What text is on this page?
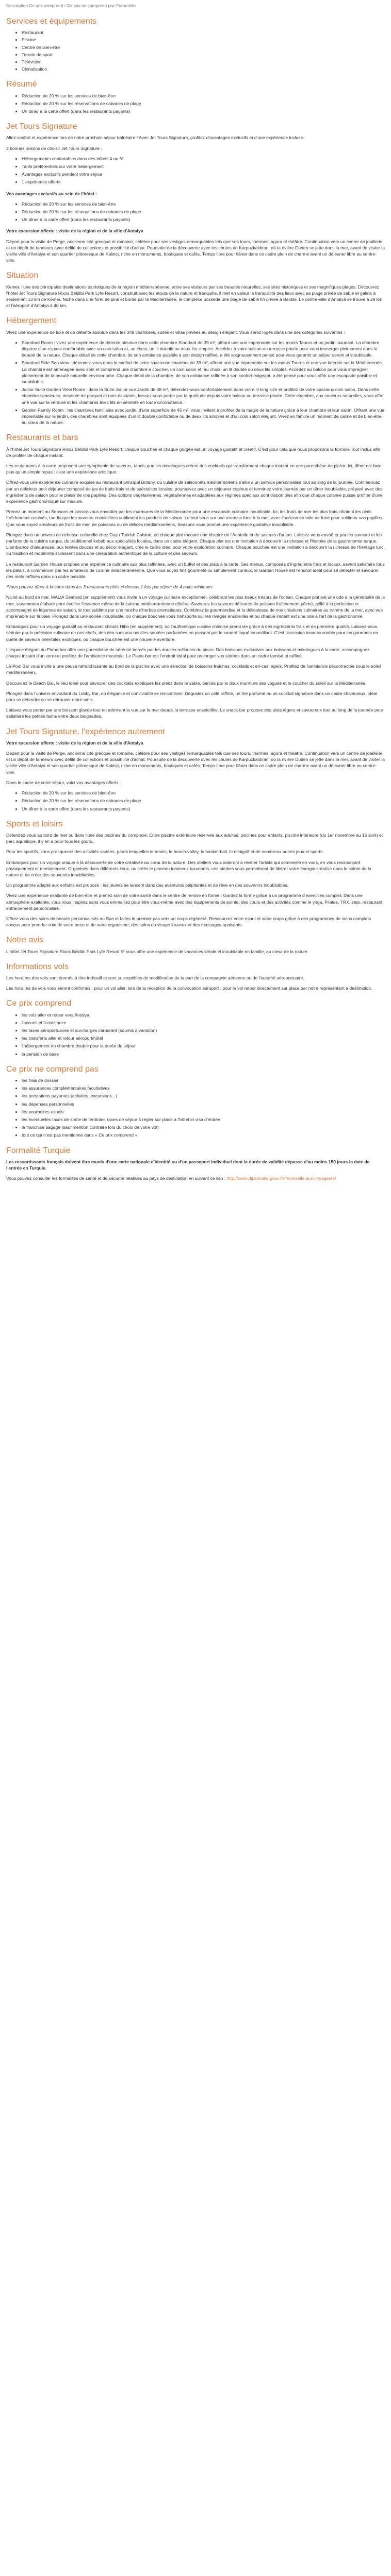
Description Ce prix comprend / Ce prix ne comprend pas Formalités
Services et équipements
• Restaurant
• Piscine
• Centre de bien-être
• Terrain de sport
• Télévision
• Climatisation
Résumé
• Réduction de 20 % sur les services de bien-être
• Réduction de 20 % sur les réservations de cabanes de plage
• Un dîner à la carte offert (dans les restaurants payants)
Jet Tours Signature

Allez confort et expérience lors de notre prochain séjour balnéaire ! Avec Jet Tours Signature, profitez d'avantages exclusifs et d'une expérience incluse.

3 bonnes raisons de choisir Jet Tours Signature :

• Hébergements confortables dans des hôtels 4 ou 5*
• Tarifs préférentiels sur votre hébergement
• Avantages exclusifs pendant votre séjour
• 1 expérience offerte

Vos avantages exclusifs au sein de l'hôtel :

• Réduction de 20 % sur les services de bien-être
• Réduction de 20 % sur les réservations de cabanes de plage
• Un dîner à la carte offert (dans les restaurants payants)

Votre excursion offerte : visite de la région et de la ville d'Antalya

Départ pour la visite de Perge, ancienne cité grecque et romaine, célèbre pour ses vestiges remarquables tels que ses tours, thermes, agora et théâtre. Continuation vers un centre de joaillerie et un dépôt de tanneurs avec défilé de collections et possibilité d'achat. Poursuite de la découverte avec les chutes de Karpuzkaldiran, où la rivière Düden se jette dans la mer, avant de visiter la vieille ville d'Antalya et son quartier pittoresque de Kaleiçi, riche en monuments, boutiques et cafés. Temps libre pour flâner dans ce cadre plein de charme avant un déjeuner libre au centre-ville.

Situation

Kemer, l'une des principales destinations touristiques de la région méditerranéenne, attire ses visiteurs par ses beautés naturelles, ses sites historiques et ses magnifiques plages. Découvrez l'hôtel Jet Tours Signature Rixos Beldibi Park Lyfe Resort, construit avec les atouts de la nature et tranquille, il met en valeur la tranquillité des lieux avec sa plage privée de sable et galets à seulement 13 km de Kemer. Niché dans une forêt de pins et bordé par la Méditerranée, le complexe possède une plage de sable fin privée à Beldibi. Le centre-ville d'Antalya se trouve à 29 km et l'aéroport d'Antalya à 40 km.

Hébergement

Vivez une expérience de luxe et de détente absolue dans les 349 chambres, suites et villas privées au design élégant. Vous serez logés dans une des catégories suivantes :

• Standard Room : vivez une expérience de détente absolue dans cette chambre Standard de 39 m², offrant une vue imprenable sur les monts Taurus et un jardin luxuriant. La chambre dispose d'un espace confortable avec un coin salon et, au choix, un lit double ou deux lits simples. Accédez à votre balcon ou terrasse privée pour vous immerger pleinement dans la beauté de la nature. Chaque détail de cette chambre, de son ambiance paisible à son design raffiné, a été soigneusement pensé pour vous garantir un séjour serein et inoubliable.
• Standard Side Sea view : détendez-vous dans le confort de cette spacieuse chambre de 39 m², offrant une vue imprenable sur les monts Taurus et une vue latérale sur la Méditerranée. La chambre est aménagée avec soin et comprend une chambre à coucher, un coin salon et, au choix, un lit double ou deux lits simples. Accédez au balcon pour vous imprégner pleinement de la beauté naturelle environnante. Chaque détail de la chambre, de son ambiance raffinée à son confort exigeant, a été pensé pour vous offrir une escapade paisible et inoubliable.
• Junior Suite Garden View Room : dans la Suite Junior vue Jardin de 48 m², détendez-vous confortablement dans votre lit king size et profitez de votre spacieux coin salon. Dans cette chambre spacieuse, meublée de parquet et tons éclatants, laissez-vous porter par la quiétude depuis votre balcon ou terrasse privée. Cette chambre, aux couleurs naturelles, vous offre une vue sur la verdure et les chambres avec lits en sérénité en toute circonstance.
• Garden Family Room : les chambres familiales avec jardin, d'une superficie de 45 m², vous invitent à profiter de la magie de la nature grâce à leur chambre et leur salon. Offrant une vue imprenable sur le jardin, ces chambres sont équipées d'un lit double confortable ou de deux lits simples et d'un coin salon élégant. Vivez en famille un moment de calme et de bien-être au cœur de la nature.
Restaurants et bars

À l'hôtel Jet Tours Signature Rixos Beldibi Park Lyfe Resort, chaque bouchée et chaque gorgée est un voyage gustatif et créatif. C'est pour cela que nous proposons la formule Tout inclus afin de profiter de chaque instant.

Les restaurants à la carte proposent une symphonie de saveurs, tandis que les mixologues créent des cocktails qui transforment chaque instant en une parenthèse de plaisir. Ici, dîner est bien plus qu'un simple repas : c'est une expérience artistique.

Offrez-vous une expérience culinaire exquise au restaurant principal Botany, où cuisine de saisonnets méditerranéens s'allie à un service personnalisé tout au long de la journée. Commencez par un délicieux petit déjeuner composé de jus de fruits frais et de spécialités locales, poursuivez avec un déjeuner copieux et terminez votre journée par un dîner inoubliable, préparé avec des ingrédients de saison pour le plaisir de vos papilles. Des options végétariennes, végétaliennes et adaptées aux régimes spéciaux sont disponibles afin que chaque convive puisse profiter d'une expérience gastronomique sur mesure.

Prenez un moment au Seasons et laissez-vous envoûter par les murmures de la Méditerranée pour une escapade culinaire inoubliable. Ici, les fruits de mer les plus frais côtoient les plats fraîchement cuisinés, tandis que les saveurs ensoleillées subliment les produits de saison. Le tout servi sur une terrasse face à la mer, avec l'horizon en toile de fond pour sublimer vos papilles. Que vous soyez amateurs de fruits de mer, de poissons ou de délices méditerranéens, Seasons vous promet une expérience gustative inoubliable.

Plongez dans un univers de richesse culturelle chez Duyu Turkish Cuisine, où chaque plat raconte une histoire de l'Anatolie et de saveurs d'antan. Laissez-vous envoûter par les saveurs et les parfums de la cuisine turque, du traditionnel kebab aux spécialités locales, dans un cadre élégant. Chaque plat est une invitation à découvrir la richesse et l'histoire de la gastronomie turque. L'ambiance chaleureuse, aux teintes douces et au décor élégant, crée le cadre idéal pour votre exploration culinaire. Chaque bouchée est une invitation à découvrir la richesse de l'héritage turc, où tradition et modernité s'unissent dans une célébration authentique de la culture et des saveurs.

Le restaurant Garden House propose une expérience culinaire aux plus raffinées, avec un buffet et des plats à la carte. Ses menus, composés d'ingrédients frais et locaux, savent satisfaire tous les palais, à commencer par les amateurs de cuisine méditerranéenne. Que vous soyez fins gourmets ou simplement curieux, le Garden House est l'endroit idéal pour se délecter et savourer des mets raffinés dans un cadre paisible.

*Vous pouvez dîner à la carte dans les 3 restaurants cités ci-dessus 1 fois par séjour de 4 nuits minimum.

Niché au bord de mer, MALIA Seafood (en supplément) vous invite à un voyage culinaire exceptionnel, célébrant les plus beaux trésors de l'océan. Chaque plat est une ode à la générosité de la mer, savamment élaboré pour éveiller l'essence même de la cuisine méditerranéenne côtière. Savourez les saveurs délicates du poisson fraîchement pêché, grillé à la perfection et accompagné de légumes de saison, le tout sublimé par une touche d'herbes aromatiques. Combinez la gourmandise et la délicatesse de nos créations culinaires au rythme de la mer, avec vue imprenable sur la baie. Plongez dans une soirée inoubliable, où chaque bouchée vous transporte sur les rivages ensoleillés et où chaque instant est une ode à l'art de la gastronomie.

Embarquez pour un voyage gustatif au restaurant chinois Hibo (en supplément), où l'authentique cuisine chinoise prend vie grâce à des ingrédients frais et de première qualité. Laissez-vous séduire par la précision culinaire de nos chefs, des dim sum aux nouilles sautées parfumées en passant par le canard laqué croustillant. C'est l'occasion incontournable pour les gourmets en quête de saveurs orientales exotiques, où chaque bouchée est une nouvelle aventure.

L'espace élégant du Piano-bar offre une parenthèse de sérénité bercée par les douces mélodies du piano. Des boissons exclusives aux boissons et mixologues à la carte, accompagnez chaque instant d'un verre et profitez de l'ambiance musicale. Le Piano-bar est l'endroit idéal pour prolonger vos soirées dans un cadre tamisé et raffiné.

Le Pool Bar vous invite à une pause rafraîchissante au bord de la piscine avec une sélection de boissons fraîches, cocktails et en-cas légers. Profitez de l'ambiance décontractée sous le soleil méditerranéen.

Découvrez le Beach Bar, le lieu idéal pour savourer des cocktails exotiques les pieds dans le sable, bercés par le doux murmure des vagues et le coucher du soleil sur la Méditerranée.

Plongez dans l'univers envoûtant du Lobby Bar, où élégance et convivialité se rencontrent. Dégustez un café raffiné, un thé parfumé ou un cocktail signature dans un cadre chaleureux, idéal pour se détendre ou se retrouver entre amis.

Laissez-vous porter par une boisson glacée tout en admirant la vue sur la mer depuis la terrasse ensoleillée. Le snack-bar propose des plats légers et savoureux tout au long de la journée pour satisfaire les petites faims entre deux baignades.

Jet Tours Signature, l'expérience autrement

Votre excursion offerte : visite de la région et de la ville d'Antalya

Départ pour la visite de Perge, ancienne cité grecque et romaine, célèbre pour ses vestiges remarquables tels que ses tours, thermes, agora et théâtre. Continuation vers un centre de joaillerie et un dépôt de tanneurs avec défilé de collections et possibilité d'achat. Poursuite de la découverte avec les chutes de Karpuzkaldiran, où la rivière Düden se jette dans la mer, avant de visiter la vieille ville d'Antalya et son quartier pittoresque de Kaleiçi, riche en monuments, boutiques et cafés. Temps libre pour flâner dans ce cadre plein de charme avant un déjeuner libre au centre-ville.

Dans le cadre de votre séjour, voici vos avantages offerts :

• Réduction de 20 % sur les services de bien-être
• Réduction de 20 % sur les réservations de cabanes de plage
• Un dîner à la carte offert (dans les restaurants payants)
Sports et loisirs

Détendez-vous au bord de mer ou dans l'une des piscines du complexe. Entre piscine extérieure réservée aux adultes, piscines pour enfants, piscine intérieure (du 1er novembre au 15 avril) et parc aquatique, il y en a pour tous les goûts.

Pour les sportifs, vous pratiquerez des activités variées, parmi lesquelles le tennis, le beach-volley, le basket-ball, le minigolf et de nombreux autres jeux et sports.

Embarquez pour un voyage unique à la découverte de votre créativité au cœur de la nature. Des ateliers vous aideront à révéler l'artiste qui sommeille en vous, en vous ressourçant physiquement et mentalement. Organisés dans différents lieux, ou créés le pinceau lumineux luxuriants, ces ateliers vous permettront de libérer votre énergie créative dans le calme de la nature et de créer des souvenirs inoubliables.

Un programme adapté aux enfants est proposé : les jeunes se lancent dans des aventures palpitantes et de rêve en des souvenirs inoubliables.

Vivez une expérience exaltante de bien-être et prenez soin de votre santé dans le centre de remise en forme : Gardez la forme grâce à un programme d'exercices complet. Dans une atmosphère exaltante, vous vous inspirez sans vous emmaillez pour être vous-même avec des équipements de pointe, des cours et des activités comme le yoga, Pilates, TRX, step, restaurant entraînement personnalisé.

Offrez-vous des soins de beauté personnalisés au Spa et faites le premier pas vers un corps régénéré. Ressourcez votre esprit et votre corps grâce à des programmes de soins complets conçus pour prendre soin de votre peau et de votre organisme, des soins du visage luxueux et des massages apaisants.

Notre avis

L'hôtel Jet Tours Signature Rixos Beldibi Park Lyfe Resort 5* vous offre une expérience de vacances idéale et inoubliable en famille, au cœur de la nature.

Informations vols

Les horaires des vols sont donnés à titre indicatif et sont susceptibles de modification de la part de la compagnie aérienne ou de l'autorité aéroportuaire.

Les horaires de vols vous seront confirmés : pour un vol aller, lors de la réception de la convocation aéroport ; pour le vol retour directement sur place par notre représentant à destination.

Ce prix comprend
• les vols aller et retour vers Antalya
• l'accueil et l'assistance
• les taxes aéroportuaires et surcharges carburant (soumis à variation)
• les transferts aller et retour aéroport/hôtel
• l'hébergement en chambre double pour la durée du séjour
• la pension de base
Ce prix ne comprend pas
• les frais de dossier
• les assurances complémentaires facultatives
• les prestations payantes (activités, excursions...)
• les dépenses personnelles
• les pourboires usuels
• les éventuelles taxes de sortie de territoire, taxes de séjour à régler sur place à l'hôtel et visa d'entrée
• la franchise bagage (sauf mention contraire lors du choix de votre vol)
• tout ce qui n'est pas mentionné dans « Ce prix comprend »
Formalité Turquie

Les ressortissants français doivent être munis d'une carte nationale d'identité ou d'un passeport individuel dont la durée de validité dépasse d'au moins 150 jours la date de l'entrée en Turquie.

Vous pouvez consulter les formalités de santé et de sécurité relatives au pays de destination en suivant ce lien : http://www.diplomatie.gouv.fr/fr/conseils-aux-voyageurs/
